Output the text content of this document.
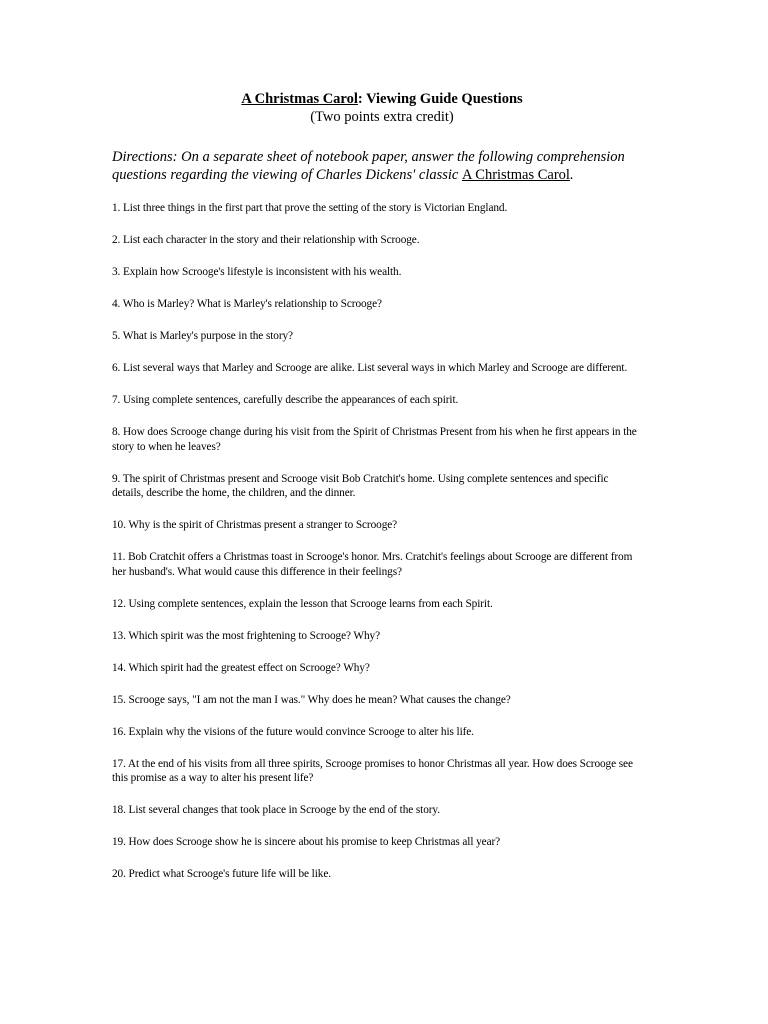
A Christmas Carol: Viewing Guide Questions

(Two points extra credit)

Directions: On a separate sheet of notebook paper, answer the following comprehension questions regarding the viewing of Charles Dickens' classic A Christmas Carol.
1. List three things in the first part that prove the setting of the story is Victorian England.
2. List each character in the story and their relationship with Scrooge.
3. Explain how Scrooge's lifestyle is inconsistent with his wealth.
4. Who is Marley? What is Marley's relationship to Scrooge?
5. What is Marley's purpose in the story?
6. List several ways that Marley and Scrooge are alike. List several ways in which Marley and Scrooge are different.
7. Using complete sentences, carefully describe the appearances of each spirit.
8. How does Scrooge change during his visit from the Spirit of Christmas Present from his when he first appears in the story to when he leaves?
9. The spirit of Christmas present and Scrooge visit Bob Cratchit's home. Using complete sentences and specific details, describe the home, the children, and the dinner.
10. Why is the spirit of Christmas present a stranger to Scrooge?
11. Bob Cratchit offers a Christmas toast in Scrooge's honor. Mrs. Cratchit's feelings about Scrooge are different from her husband's. What would cause this difference in their feelings?
12. Using complete sentences, explain the lesson that Scrooge learns from each Spirit.
13. Which spirit was the most frightening to Scrooge? Why?
14. Which spirit had the greatest effect on Scrooge? Why?
15. Scrooge says, "I am not the man I was." Why does he mean? What causes the change?
16. Explain why the visions of the future would convince Scrooge to alter his life.
17. At the end of his visits from all three spirits, Scrooge promises to honor Christmas all year. How does Scrooge see this promise as a way to alter his present life?
18. List several changes that took place in Scrooge by the end of the story.
19. How does Scrooge show he is sincere about his promise to keep Christmas all year?
20. Predict what Scrooge's future life will be like.
